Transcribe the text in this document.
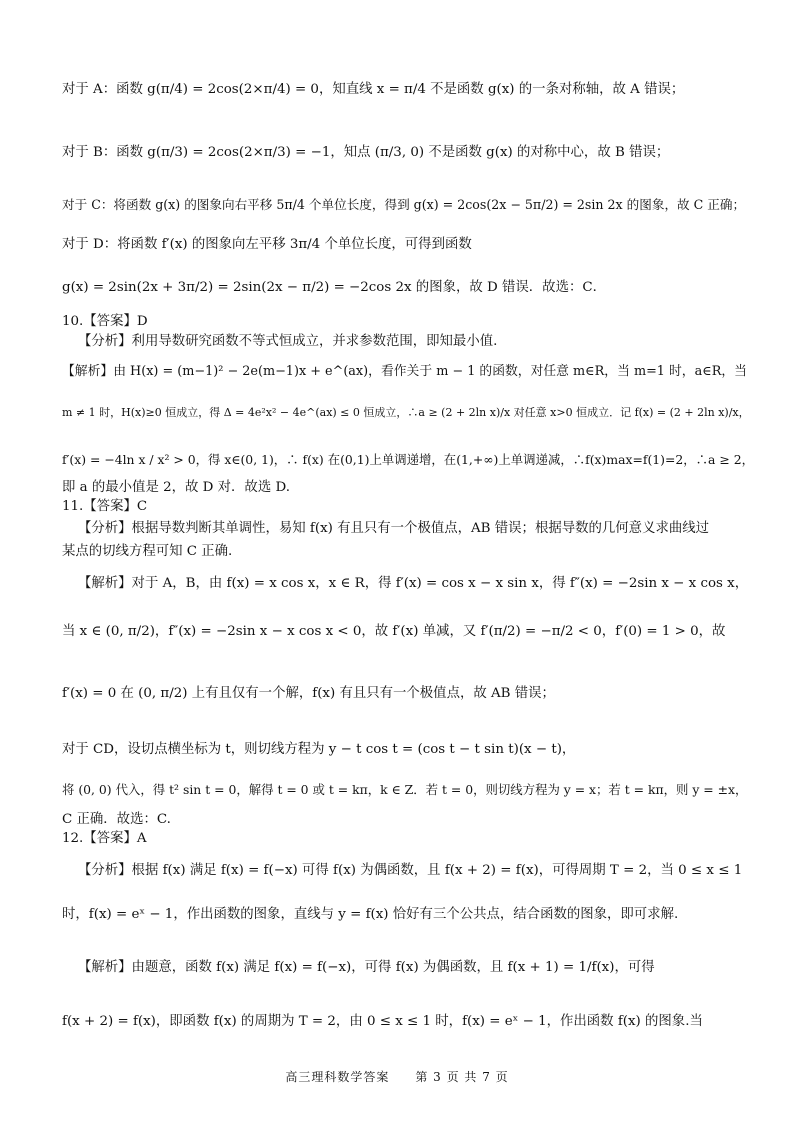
对于 A：函数 g(π/4) = 2cos(2×π/4) = 0，知直线 x = π/4 不是函数 g(x) 的一条对称轴，故 A 错误；
对于 B：函数 g(π/3) = 2cos(2×π/3) = −1，知点 (π/3, 0) 不是函数 g(x) 的对称中心，故 B 错误；
对于 C：将函数 g(x) 的图象向右平移 5π/4 个单位长度，得到 g(x) = 2cos(2x − 5π/2) = 2sin 2x 的图象，故 C 正确；
对于 D：将函数 f′(x) 的图象向左平移 3π/4 个单位长度，可得到函数
g(x) = 2sin(2x + 3π/2) = 2sin(2x − π/2) = −2cos 2x 的图象，故 D 错误．故选：C．
10.【答案】D
【分析】利用导数研究函数不等式恒成立，并求参数范围，即知最小值.
【解析】由 H(x) = (m−1)² − 2e(m−1)x + e^(ax)，看作关于 m − 1 的函数，对任意 m∈R，当 m=1 时，a∈R，当
m ≠ 1 时，H(x)≥0 恒成立，得 Δ = 4e²x² − 4e^(ax) ≤ 0 恒成立，∴a ≥ (2 + 2ln x)/x 对任意 x>0 恒成立．记 f(x) = (2 + 2ln x)/x，
f′(x) = −4ln x / x² > 0，得 x∈(0, 1)，∴ f(x) 在(0,1)上单调递增，在(1,+∞)上单调递减，∴f(x)max=f(1)=2，∴a ≥ 2，
即 a 的最小值是 2，故 D 对．故选 D.
11.【答案】C
【分析】根据导数判断其单调性，易知 f(x) 有且只有一个极值点，AB 错误；根据导数的几何意义求曲线过
某点的切线方程可知 C 正确.
【解析】对于 A，B，由 f(x) = x cos x，x ∈ R，得 f′(x) = cos x − x sin x，得 f″(x) = −2sin x − x cos x，
当 x ∈ (0, π/2)，f″(x) = −2sin x − x cos x < 0，故 f′(x) 单减，又 f′(π/2) = −π/2 < 0，f′(0) = 1 > 0，故
f′(x) = 0 在 (0, π/2) 上有且仅有一个解，f(x) 有且只有一个极值点，故 AB 错误；
对于 CD，设切点横坐标为 t，则切线方程为 y − t cos t = (cos t − t sin t)(x − t)，
将 (0, 0) 代入，得 t² sin t = 0，解得 t = 0 或 t = kπ，k ∈ Z．若 t = 0，则切线方程为 y = x；若 t = kπ，则 y = ±x，
C 正确．故选：C.
12.【答案】A
【分析】根据 f(x) 满足 f(x) = f(−x) 可得 f(x) 为偶函数，且 f(x + 2) = f(x)，可得周期 T = 2，当 0 ≤ x ≤ 1
时，f(x) = eˣ − 1，作出函数的图象，直线与 y = f(x) 恰好有三个公共点，结合函数的图象，即可求解.
【解析】由题意，函数 f(x) 满足 f(x) = f(−x)，可得 f(x) 为偶函数，且 f(x + 1) = 1/f(x)，可得
f(x + 2) = f(x)，即函数 f(x) 的周期为 T = 2，由 0 ≤ x ≤ 1 时，f(x) = eˣ − 1，作出函数 f(x) 的图象.当
高三理科数学答案　　第 3 页 共 7 页
